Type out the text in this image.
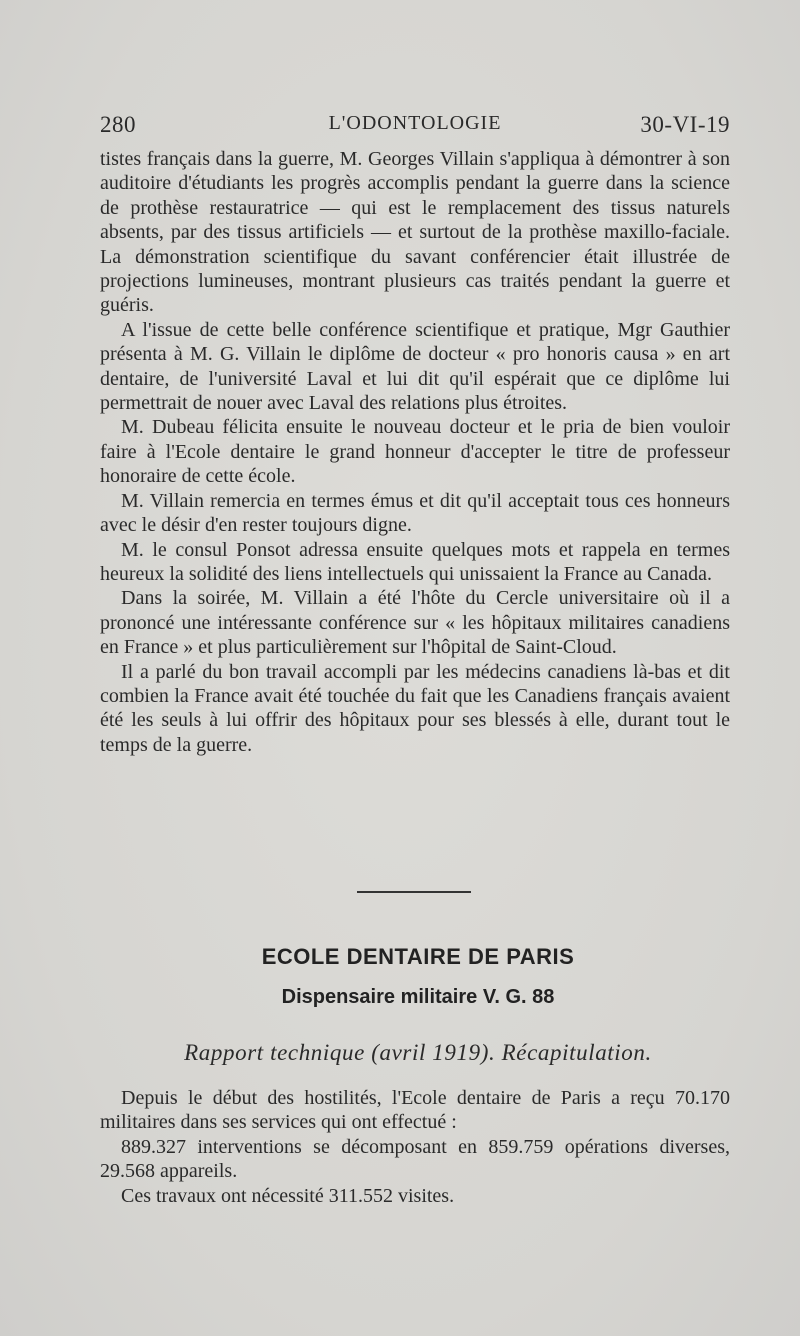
280	L'ODONTOLOGIE	30-VI-19

tistes français dans la guerre, M. Georges Villain s'appliqua à démontrer à son auditoire d'étudiants les progrès accomplis pendant la guerre dans la science de prothèse restauratrice — qui est le remplacement des tissus naturels absents, par des tissus artificiels — et surtout de la prothèse maxillo-faciale. La démonstration scientifique du savant conférencier était illustrée de projections lumineuses, montrant plusieurs cas traités pendant la guerre et guéris.

A l'issue de cette belle conférence scientifique et pratique, Mgr Gauthier présenta à M. G. Villain le diplôme de docteur « pro honoris causa » en art dentaire, de l'université Laval et lui dit qu'il espérait que ce diplôme lui permettrait de nouer avec Laval des relations plus étroites.

M. Dubeau félicita ensuite le nouveau docteur et le pria de bien vouloir faire à l'Ecole dentaire le grand honneur d'accepter le titre de professeur honoraire de cette école.

M. Villain remercia en termes émus et dit qu'il acceptait tous ces honneurs avec le désir d'en rester toujours digne.

M. le consul Ponsot adressa ensuite quelques mots et rappela en termes heureux la solidité des liens intellectuels qui unissaient la France au Canada.

Dans la soirée, M. Villain a été l'hôte du Cercle universitaire où il a prononcé une intéressante conférence sur « les hôpitaux militaires canadiens en France » et plus particulièrement sur l'hôpital de Saint-Cloud.

Il a parlé du bon travail accompli par les médecins canadiens là-bas et dit combien la France avait été touchée du fait que les Canadiens français avaient été les seuls à lui offrir des hôpitaux pour ses blessés à elle, durant tout le temps de la guerre.

ECOLE DENTAIRE DE PARIS
Dispensaire militaire V. G. 88
Rapport technique (avril 1919). Récapitulation.

Depuis le début des hostilités, l'Ecole dentaire de Paris a reçu 70.170 militaires dans ses services qui ont effectué :

889.327 interventions se décomposant en 859.759 opérations diverses, 29.568 appareils.

Ces travaux ont nécessité 311.552 visites.
